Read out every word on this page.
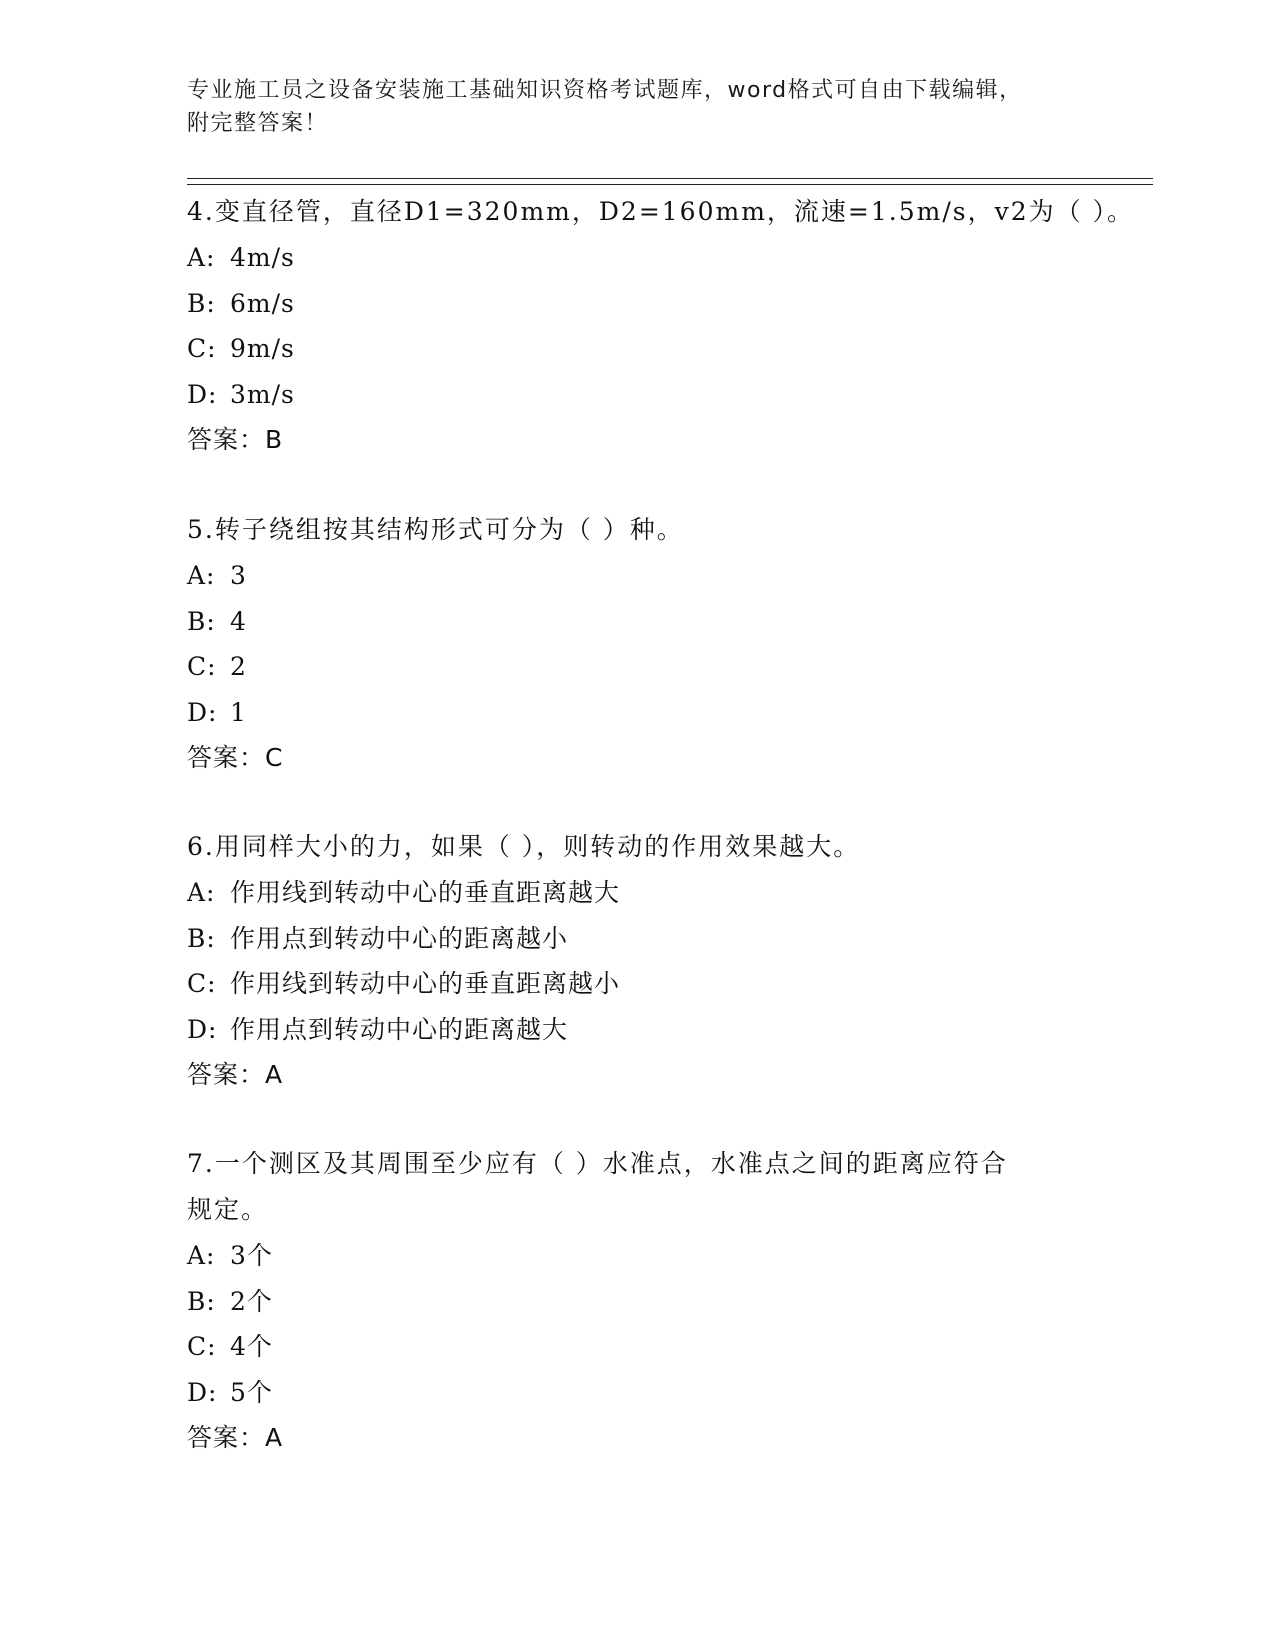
专业施工员之设备安装施工基础知识资格考试题库，word格式可自由下载编辑，
附完整答案！
4.变直径管，直径D1=320mm，D2=160mm，流速=1.5m/s，v2为（ ）。
A: 4m/s
B: 6m/s
C: 9m/s
D: 3m/s
答案：B
5.转子绕组按其结构形式可分为（ ）种。
A: 3
B: 4
C: 2
D: 1
答案：C
6.用同样大小的力，如果（ ），则转动的作用效果越大。
A: 作用线到转动中心的垂直距离越大
B: 作用点到转动中心的距离越小
C: 作用线到转动中心的垂直距离越小
D: 作用点到转动中心的距离越大
答案：A
7.一个测区及其周围至少应有（ ）水准点，水准点之间的距离应符合
规定。
A: 3个
B: 2个
C: 4个
D: 5个
答案：A
